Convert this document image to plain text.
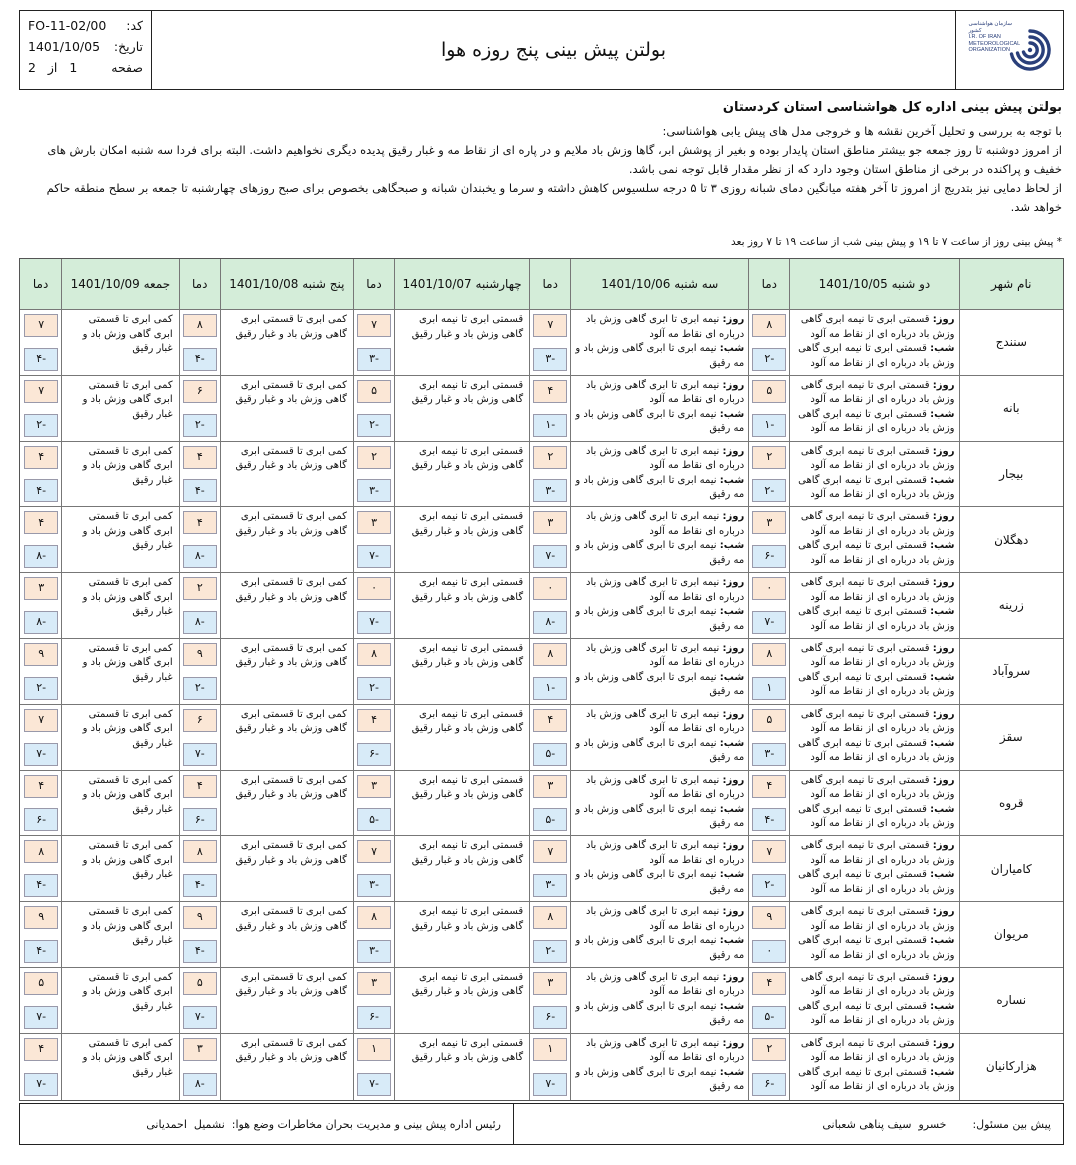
کد:
FO-11-02/00
تاریخ:
1401/10/05
صفحه
1   از   2
بولتن پیش بینی پنج روزه هوا
سازمان هواشناسی کشور
I.R. OF IRAN METEOROLOGICAL ORGANIZATION
بولتن پیش بینی اداره کل هواشناسی استان کردستان

با توجه به بررسی و تحلیل آخرین نقشه ها و خروجی مدل های پیش یابی هواشناسی:

از امروز دوشنبه تا روز جمعه جو بیشتر مناطق استان پایدار بوده و بغیر از پوشش ابر، گاها وزش باد ملایم و در پاره ای از نقاط مه و غبار رقیق پدیده دیگری نخواهیم داشت. البته برای فردا سه شنبه امکان بارش های خفیف و پراکنده در برخی از مناطق استان وجود دارد که از نظر مقدار قابل توجه نمی باشد.

از لحاظ دمایی نیز بتدریج از امروز تا آخر هفته میانگین دمای شبانه روزی ۳ تا ۵ درجه سلسیوس کاهش داشته و سرما و یخبندان شبانه و صبحگاهی بخصوص برای صبح روزهای چهارشنبه تا جمعه بر سطح منطقه حاکم خواهد شد.

* پیش بینی روز از ساعت ۷ تا ۱۹ و پیش بینی شب از ساعت ۱۹ تا ۷ روز بعد
نام شهر
دو شنبه 1401/10/05
دما
سه شنبه 1401/10/06
دما
چهارشنبه 1401/10/07
دما
پنج شنبه 1401/10/08
دما
جمعه 1401/10/09
دما
سنندج
روز: قسمتی ابری تا نیمه ابری گاهی وزش باد درباره ای از نقاط مه آلود
شب: قسمتی ابری تا نیمه ابری گاهی وزش باد درباره ای از نقاط مه آلود
۸
-۲
روز: نیمه ابری تا ابری گاهی وزش باد درباره ای نقاط مه آلود
شب: نیمه ابری تا ابری گاهی وزش باد و مه رقیق
۷
-۳
قسمتی ابری تا نیمه ابری گاهی وزش باد و غبار رقیق
۷
-۳
کمی ابری تا قسمتی ابری گاهی وزش باد و غبار رقیق
۸
-۴
کمی ابری تا قسمتی ابری گاهی وزش باد و غبار رقیق
۷
-۴
بانه
روز: قسمتی ابری تا نیمه ابری گاهی وزش باد درباره ای از نقاط مه آلود
شب: قسمتی ابری تا نیمه ابری گاهی وزش باد درباره ای از نقاط مه آلود
۵
-۱
روز: نیمه ابری تا ابری گاهی وزش باد درباره ای نقاط مه آلود
شب: نیمه ابری تا ابری گاهی وزش باد و مه رقیق
۴
-۱
قسمتی ابری تا نیمه ابری گاهی وزش باد و غبار رقیق
۵
-۲
کمی ابری تا قسمتی ابری گاهی وزش باد و غبار رقیق
۶
-۲
کمی ابری تا قسمتی ابری گاهی وزش باد و غبار رقیق
۷
-۲
بیجار
روز: قسمتی ابری تا نیمه ابری گاهی وزش باد درباره ای از نقاط مه آلود
شب: قسمتی ابری تا نیمه ابری گاهی وزش باد درباره ای از نقاط مه آلود
۲
-۲
روز: نیمه ابری تا ابری گاهی وزش باد درباره ای نقاط مه آلود
شب: نیمه ابری تا ابری گاهی وزش باد و مه رقیق
۲
-۳
قسمتی ابری تا نیمه ابری گاهی وزش باد و غبار رقیق
۲
-۳
کمی ابری تا قسمتی ابری گاهی وزش باد و غبار رقیق
۴
-۴
کمی ابری تا قسمتی ابری گاهی وزش باد و غبار رقیق
۴
-۴
دهگلان
روز: قسمتی ابری تا نیمه ابری گاهی وزش باد درباره ای از نقاط مه آلود
شب: قسمتی ابری تا نیمه ابری گاهی وزش باد درباره ای از نقاط مه آلود
۳
-۶
روز: نیمه ابری تا ابری گاهی وزش باد درباره ای نقاط مه آلود
شب: نیمه ابری تا ابری گاهی وزش باد و مه رقیق
۳
-۷
قسمتی ابری تا نیمه ابری گاهی وزش باد و غبار رقیق
۳
-۷
کمی ابری تا قسمتی ابری گاهی وزش باد و غبار رقیق
۴
-۸
کمی ابری تا قسمتی ابری گاهی وزش باد و غبار رقیق
۴
-۸
زرینه
روز: قسمتی ابری تا نیمه ابری گاهی وزش باد درباره ای از نقاط مه آلود
شب: قسمتی ابری تا نیمه ابری گاهی وزش باد درباره ای از نقاط مه آلود
۰
-۷
روز: نیمه ابری تا ابری گاهی وزش باد درباره ای نقاط مه آلود
شب: نیمه ابری تا ابری گاهی وزش باد و مه رقیق
۰
-۸
قسمتی ابری تا نیمه ابری گاهی وزش باد و غبار رقیق
۰
-۷
کمی ابری تا قسمتی ابری گاهی وزش باد و غبار رقیق
۲
-۸
کمی ابری تا قسمتی ابری گاهی وزش باد و غبار رقیق
۳
-۸
سروآباد
روز: قسمتی ابری تا نیمه ابری گاهی وزش باد درباره ای از نقاط مه آلود
شب: قسمتی ابری تا نیمه ابری گاهی وزش باد درباره ای از نقاط مه آلود
۸
۱
روز: نیمه ابری تا ابری گاهی وزش باد درباره ای نقاط مه آلود
شب: نیمه ابری تا ابری گاهی وزش باد و مه رقیق
۸
-۱
قسمتی ابری تا نیمه ابری گاهی وزش باد و غبار رقیق
۸
-۲
کمی ابری تا قسمتی ابری گاهی وزش باد و غبار رقیق
۹
-۲
کمی ابری تا قسمتی ابری گاهی وزش باد و غبار رقیق
۹
-۲
سقز
روز: قسمتی ابری تا نیمه ابری گاهی وزش باد درباره ای از نقاط مه آلود
شب: قسمتی ابری تا نیمه ابری گاهی وزش باد درباره ای از نقاط مه آلود
۵
-۳
روز: نیمه ابری تا ابری گاهی وزش باد درباره ای نقاط مه آلود
شب: نیمه ابری تا ابری گاهی وزش باد و مه رقیق
۴
-۵
قسمتی ابری تا نیمه ابری گاهی وزش باد و غبار رقیق
۴
-۶
کمی ابری تا قسمتی ابری گاهی وزش باد و غبار رقیق
۶
-۷
کمی ابری تا قسمتی ابری گاهی وزش باد و غبار رقیق
۷
-۷
قروه
روز: قسمتی ابری تا نیمه ابری گاهی وزش باد درباره ای از نقاط مه آلود
شب: قسمتی ابری تا نیمه ابری گاهی وزش باد درباره ای از نقاط مه آلود
۴
-۴
روز: نیمه ابری تا ابری گاهی وزش باد درباره ای نقاط مه آلود
شب: نیمه ابری تا ابری گاهی وزش باد و مه رقیق
۳
-۵
قسمتی ابری تا نیمه ابری گاهی وزش باد و غبار رقیق
۳
-۵
کمی ابری تا قسمتی ابری گاهی وزش باد و غبار رقیق
۴
-۶
کمی ابری تا قسمتی ابری گاهی وزش باد و غبار رقیق
۴
-۶
کامیاران
روز: قسمتی ابری تا نیمه ابری گاهی وزش باد درباره ای از نقاط مه آلود
شب: قسمتی ابری تا نیمه ابری گاهی وزش باد درباره ای از نقاط مه آلود
۷
-۲
روز: نیمه ابری تا ابری گاهی وزش باد درباره ای نقاط مه آلود
شب: نیمه ابری تا ابری گاهی وزش باد و مه رقیق
۷
-۳
قسمتی ابری تا نیمه ابری گاهی وزش باد و غبار رقیق
۷
-۳
کمی ابری تا قسمتی ابری گاهی وزش باد و غبار رقیق
۸
-۴
کمی ابری تا قسمتی ابری گاهی وزش باد و غبار رقیق
۸
-۴
مریوان
روز: قسمتی ابری تا نیمه ابری گاهی وزش باد درباره ای از نقاط مه آلود
شب: قسمتی ابری تا نیمه ابری گاهی وزش باد درباره ای از نقاط مه آلود
۹
۰
روز: نیمه ابری تا ابری گاهی وزش باد درباره ای نقاط مه آلود
شب: نیمه ابری تا ابری گاهی وزش باد و مه رقیق
۸
-۲
قسمتی ابری تا نیمه ابری گاهی وزش باد و غبار رقیق
۸
-۳
کمی ابری تا قسمتی ابری گاهی وزش باد و غبار رقیق
۹
-۴
کمی ابری تا قسمتی ابری گاهی وزش باد و غبار رقیق
۹
-۴
نساره
روز: قسمتی ابری تا نیمه ابری گاهی وزش باد درباره ای از نقاط مه آلود
شب: قسمتی ابری تا نیمه ابری گاهی وزش باد درباره ای از نقاط مه آلود
۴
-۵
روز: نیمه ابری تا ابری گاهی وزش باد درباره ای نقاط مه آلود
شب: نیمه ابری تا ابری گاهی وزش باد و مه رقیق
۳
-۶
قسمتی ابری تا نیمه ابری گاهی وزش باد و غبار رقیق
۳
-۶
کمی ابری تا قسمتی ابری گاهی وزش باد و غبار رقیق
۵
-۷
کمی ابری تا قسمتی ابری گاهی وزش باد و غبار رقیق
۵
-۷
هزارکانیان
روز: قسمتی ابری تا نیمه ابری گاهی وزش باد درباره ای از نقاط مه آلود
شب: قسمتی ابری تا نیمه ابری گاهی وزش باد درباره ای از نقاط مه آلود
۲
-۶
روز: نیمه ابری تا ابری گاهی وزش باد درباره ای نقاط مه آلود
شب: نیمه ابری تا ابری گاهی وزش باد و مه رقیق
۱
-۷
قسمتی ابری تا نیمه ابری گاهی وزش باد و غبار رقیق
۱
-۷
کمی ابری تا قسمتی ابری گاهی وزش باد و غبار رقیق
۳
-۸
کمی ابری تا قسمتی ابری گاهی وزش باد و غبار رقیق
۴
-۷
پیش بین مسئول:
خسرو

سیف پناهی شعبانی
رئیس اداره پیش بینی و مدیریت بحران مخاطرات وضع هوا:

نشمیل

احمدیانی
